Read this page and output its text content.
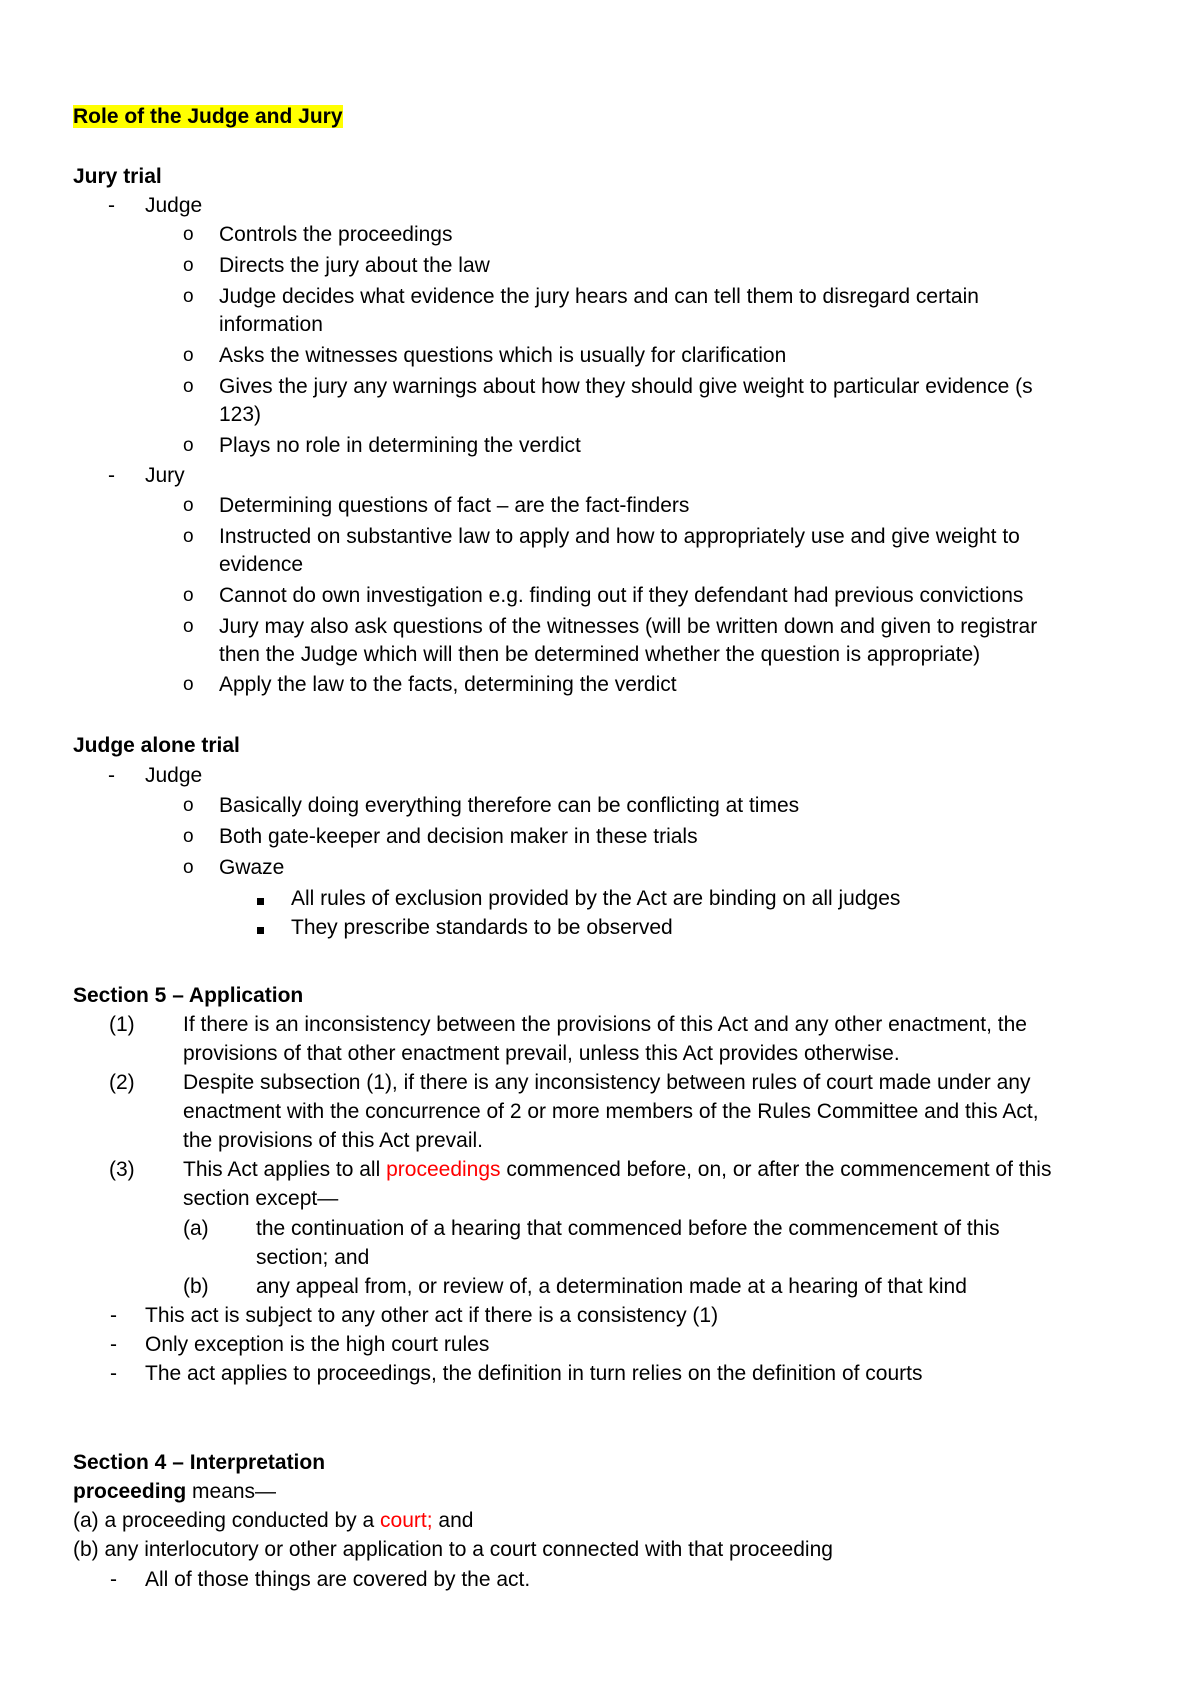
Role of the Judge and Jury
Jury trial
- Judge
o Controls the proceedings
o Directs the jury about the law
o Judge decides what evidence the jury hears and can tell them to disregard certain
information
o Asks the witnesses questions which is usually for clarification
o Gives the jury any warnings about how they should give weight to particular evidence (s
123)
o Plays no role in determining the verdict
- Jury
o Determining questions of fact – are the fact-finders
o Instructed on substantive law to apply and how to appropriately use and give weight to
evidence
o Cannot do own investigation e.g. finding out if they defendant had previous convictions
o Jury may also ask questions of the witnesses (will be written down and given to registrar
then the Judge which will then be determined whether the question is appropriate)
o Apply the law to the facts, determining the verdict
Judge alone trial
- Judge
o Basically doing everything therefore can be conflicting at times
o Both gate-keeper and decision maker in these trials
o Gwaze
All rules of exclusion provided by the Act are binding on all judges
They prescribe standards to be observed
Section 5 – Application
(1) If there is an inconsistency between the provisions of this Act and any other enactment, the
provisions of that other enactment prevail, unless this Act provides otherwise.
(2) Despite subsection (1), if there is any inconsistency between rules of court made under any
enactment with the concurrence of 2 or more members of the Rules Committee and this Act,
the provisions of this Act prevail.
(3) This Act applies to all proceedings commenced before, on, or after the commencement of this
section except—
(a) the continuation of a hearing that commenced before the commencement of this
section; and
(b) any appeal from, or review of, a determination made at a hearing of that kind
- This act is subject to any other act if there is a consistency (1)
- Only exception is the high court rules
- The act applies to proceedings, the definition in turn relies on the definition of courts
Section 4 – Interpretation
proceeding means—
(a) a proceeding conducted by a court; and
(b) any interlocutory or other application to a court connected with that proceeding
- All of those things are covered by the act.
